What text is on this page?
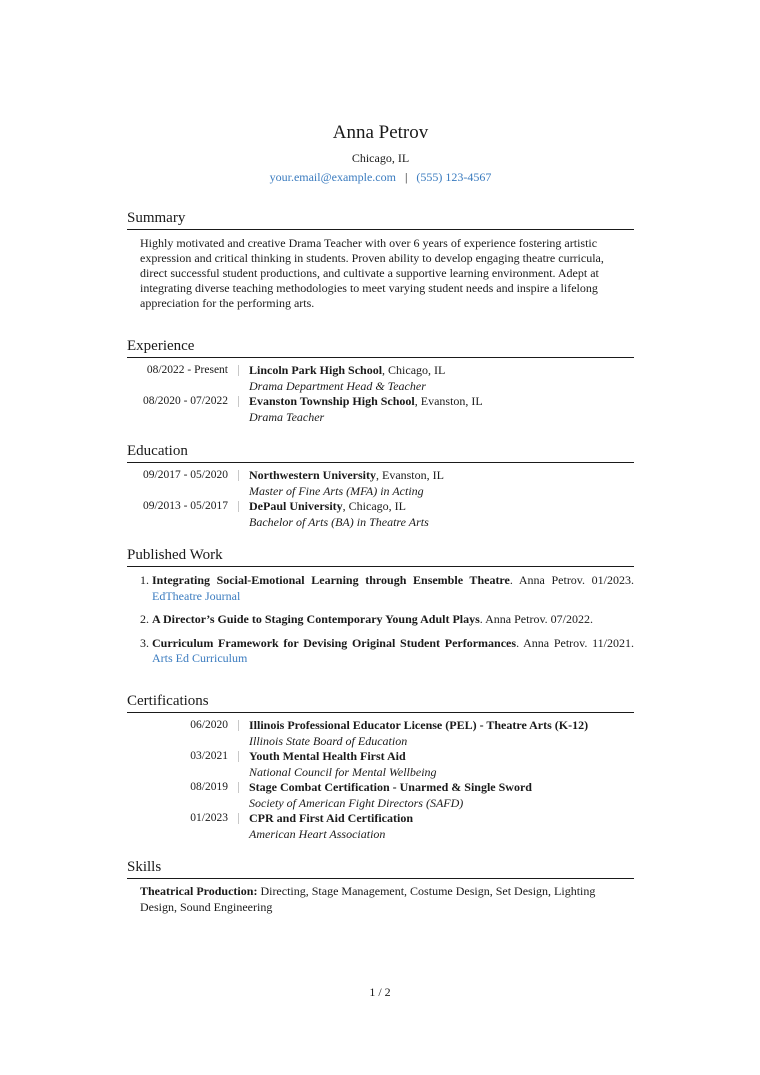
Anna Petrov
Chicago, IL
your.email@example.com | (555) 123-4567
Summary
Highly motivated and creative Drama Teacher with over 6 years of experience fostering artistic expression and critical thinking in students. Proven ability to develop engaging theatre curricula, direct successful student productions, and cultivate a supportive learning environment. Adept at integrating diverse teaching methodologies to meet varying student needs and inspire a lifelong appreciation for the performing arts.
Experience
08/2022 - Present	Lincoln Park High School, Chicago, IL
Drama Department Head & Teacher
08/2020 - 07/2022	Evanston Township High School, Evanston, IL
Drama Teacher
Education
09/2017 - 05/2020	Northwestern University, Evanston, IL
Master of Fine Arts (MFA) in Acting
09/2013 - 05/2017	DePaul University, Chicago, IL
Bachelor of Arts (BA) in Theatre Arts
Published Work
1. Integrating Social-Emotional Learning through Ensemble Theatre. Anna Petrov. 01/2023. EdTheatre Journal
2. A Director’s Guide to Staging Contemporary Young Adult Plays. Anna Petrov. 07/2022.
3. Curriculum Framework for Devising Original Student Performances. Anna Petrov. 11/2021. Arts Ed Curriculum
Certifications
06/2020	Illinois Professional Educator License (PEL) - Theatre Arts (K-12)
Illinois State Board of Education
03/2021	Youth Mental Health First Aid
National Council for Mental Wellbeing
08/2019	Stage Combat Certification - Unarmed & Single Sword
Society of American Fight Directors (SAFD)
01/2023	CPR and First Aid Certification
American Heart Association
Skills
Theatrical Production: Directing, Stage Management, Costume Design, Set Design, Lighting Design, Sound Engineering
1 / 2
